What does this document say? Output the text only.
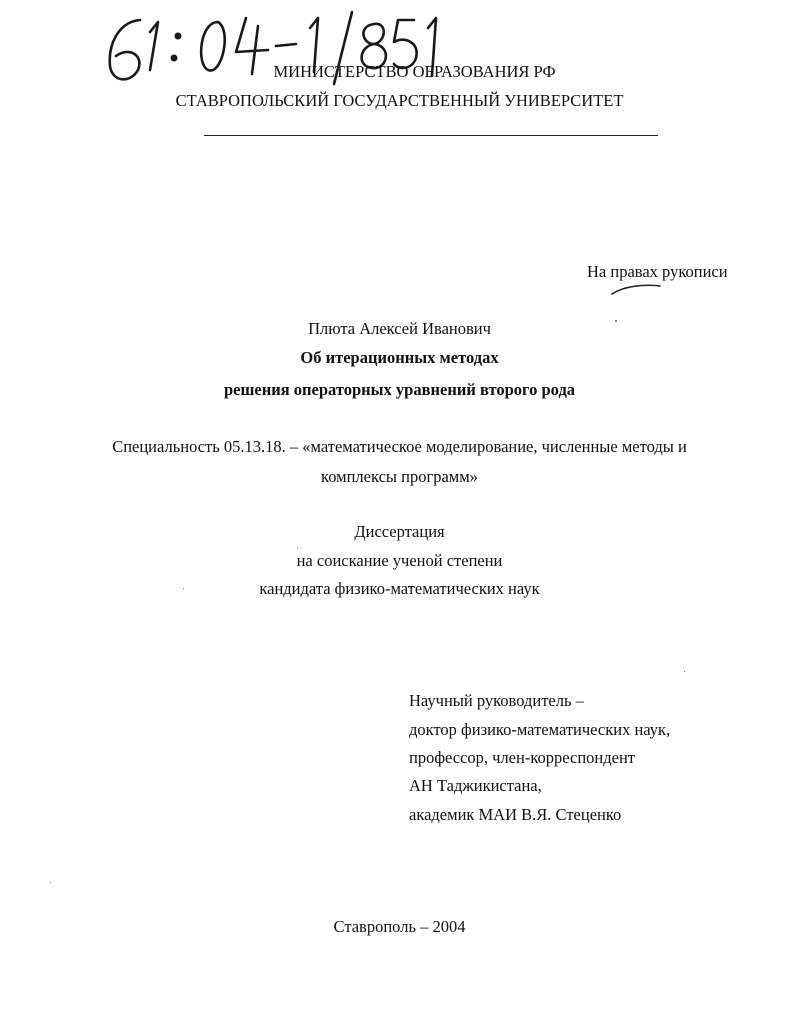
МИНИСТЕРСТВО ОБРАЗОВАНИЯ РФ
СТАВРОПОЛЬСКИЙ ГОСУДАРСТВЕННЫЙ УНИВЕРСИТЕТ
На правах рукописи
Плюта Алексей Иванович
Об итерационных методах
решения операторных уравнений второго рода
Специальность 05.13.18. – «математическое моделирование, численные методы и
комплексы программ»
Диссертация
на соискание ученой степени
кандидата физико-математических наук
Научный руководитель –
доктор физико-математических наук,
профессор, член-корреспондент
АН Таджикистана,
академик МАИ В.Я. Стеценко
Ставрополь – 2004
